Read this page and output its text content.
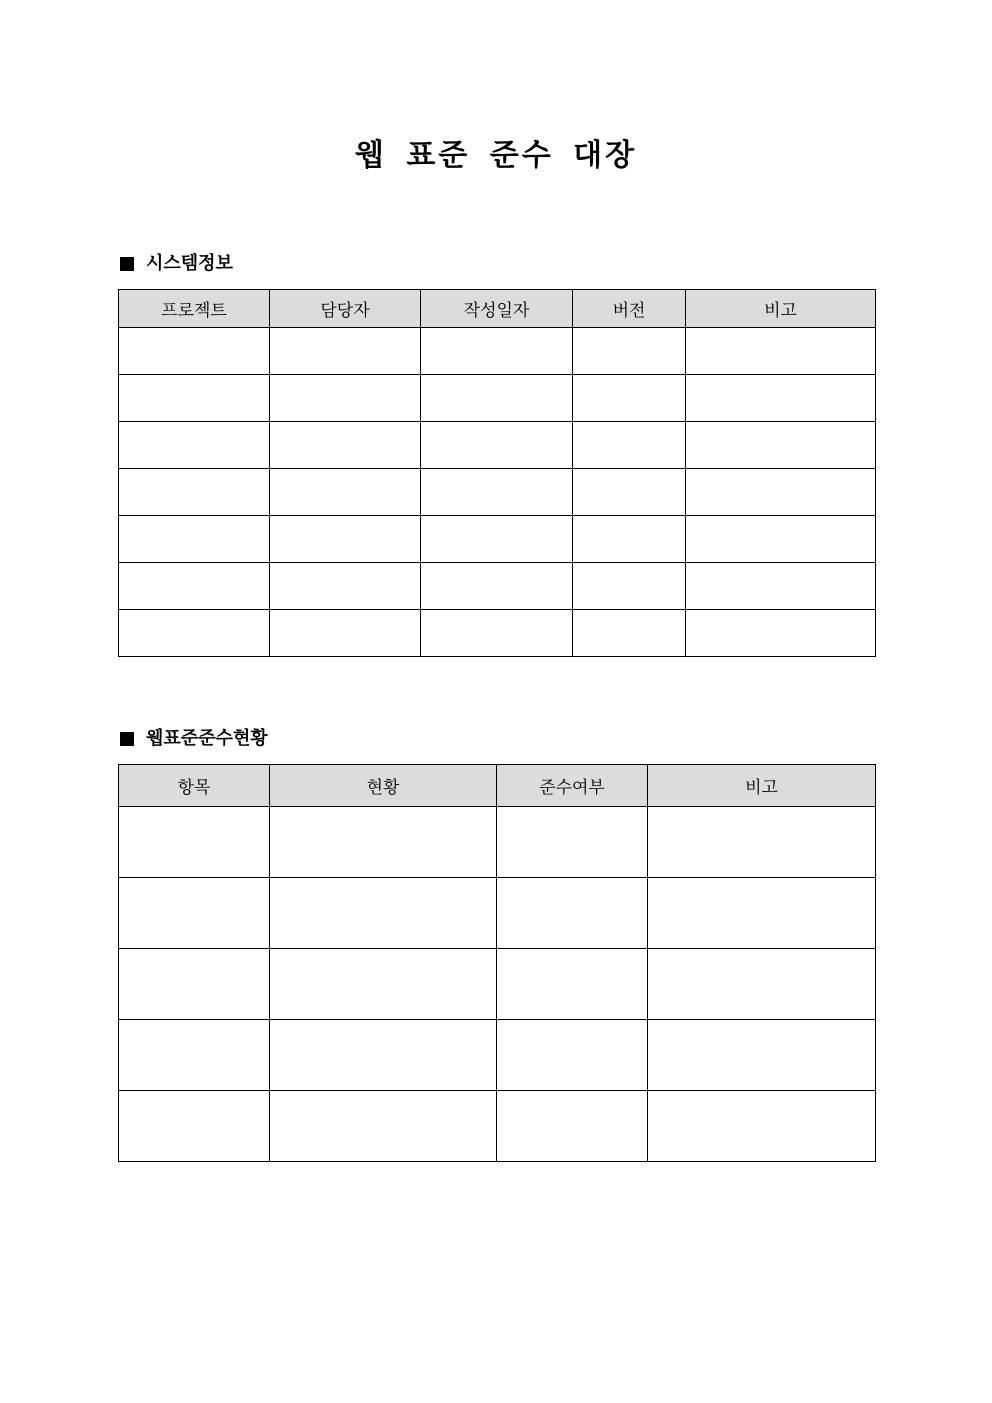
웹 표준 준수 대장
시스템정보
프로젝트	담당자	작성일자	버전	비고

웹표준준수현황
항목	현황	준수여부	비고
